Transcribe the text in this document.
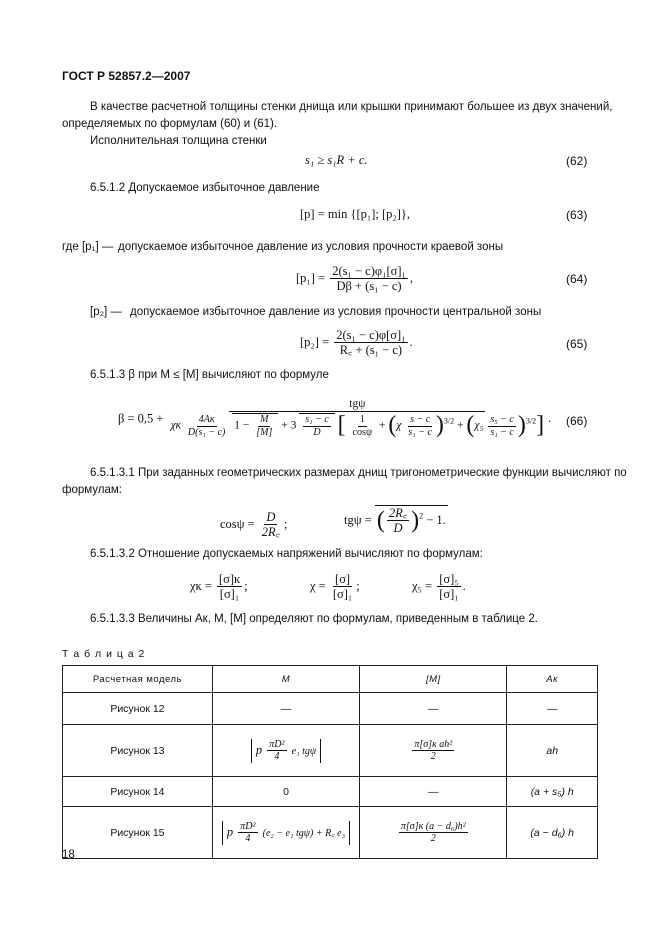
ГОСТ Р 52857.2—2007
В качестве расчетной толщины стенки днища или крышки принимают большее из двух значений,
определяемых по формулам (60) и (61).
Исполнительная толщина стенки
s₁ ≥ s₁R + c.	(62)
6.5.1.2 Допускаемое избыточное давление
[p] = min {[p₁]; [p₂]},	(63)
где [p₁] — допускаемое избыточное давление из условия прочности краевой зоны
$[p_1] = \frac{\text{2(s₁ − c)φ₁[σ]₁}}{\text{Dβ + (s₁ − c)}}$ ,	(64)
[p₂] — допускаемое избыточное давление из условия прочности центральной зоны
$[p_2] = \frac{\text{2(s₁ − c)φ[σ]₁}}{\text{R꜀ + (s₁ − c)}}$ .	(65)
6.5.1.3 β при M ≤ [M] вычисляют по формуле
β = 0,5 +
tgψ
χк $\frac{4Aк}{\text{D(s₁ − c)}} 1 - \frac{M}{[M]} + 3 \frac{\text{s₁ − c}}{D}$ [ $\frac{1}{\cos\psi} + (\chi \frac{s - c}{\text{s₁ − c}} )^{3/2} + (\chi_5 \frac{\text{s₅ − c}}{\text{s₁ − c}} )^{3/2}$] . (66)
6.5.1.3.1 При заданных геометрических размерах днищ тригонометрические функции вычисляют по
формулам:
$\cos\psi = \frac{D}{2R꜀}$ ;	tgψ = ( $\frac{2R꜀}{D} )^2 - 1$.
6.5.1.3.2 Отношение допускаемых напряжений вычисляют по формулам:
$\chi к = \frac{[\sigma]к}{\text{[σ]₁}}$ ;	$\chi = \frac{[\sigma]}{\text{[σ]₁}}$ ;	$\chi_5 = \frac{\text{[σ]₅}}{\text{[σ]₁}}$ .
6.5.1.3.3 Величины Aк, M, [M] определяют по формулам, приведенным в таблице 2.
Т а б л и ц а 2
Расчетная модель	M	[M]	Aк
Рисунок 12	—	—	—
Рисунок 13	p $\frac{\text{πD²}}{4} e_1$ tgψ	$\frac{\text{π[σ]к ah²}}{2}$	ah
Рисунок 14	0	—	(a + s₅) h
Рисунок 15	p $\frac{\text{πD²}}{4} (e_2 - e_1$ tgψ) + R꜀ e₃	$\frac{\text{π[σ]к (a − d₆)h²}}{2}$	(a − d₆) h
18
